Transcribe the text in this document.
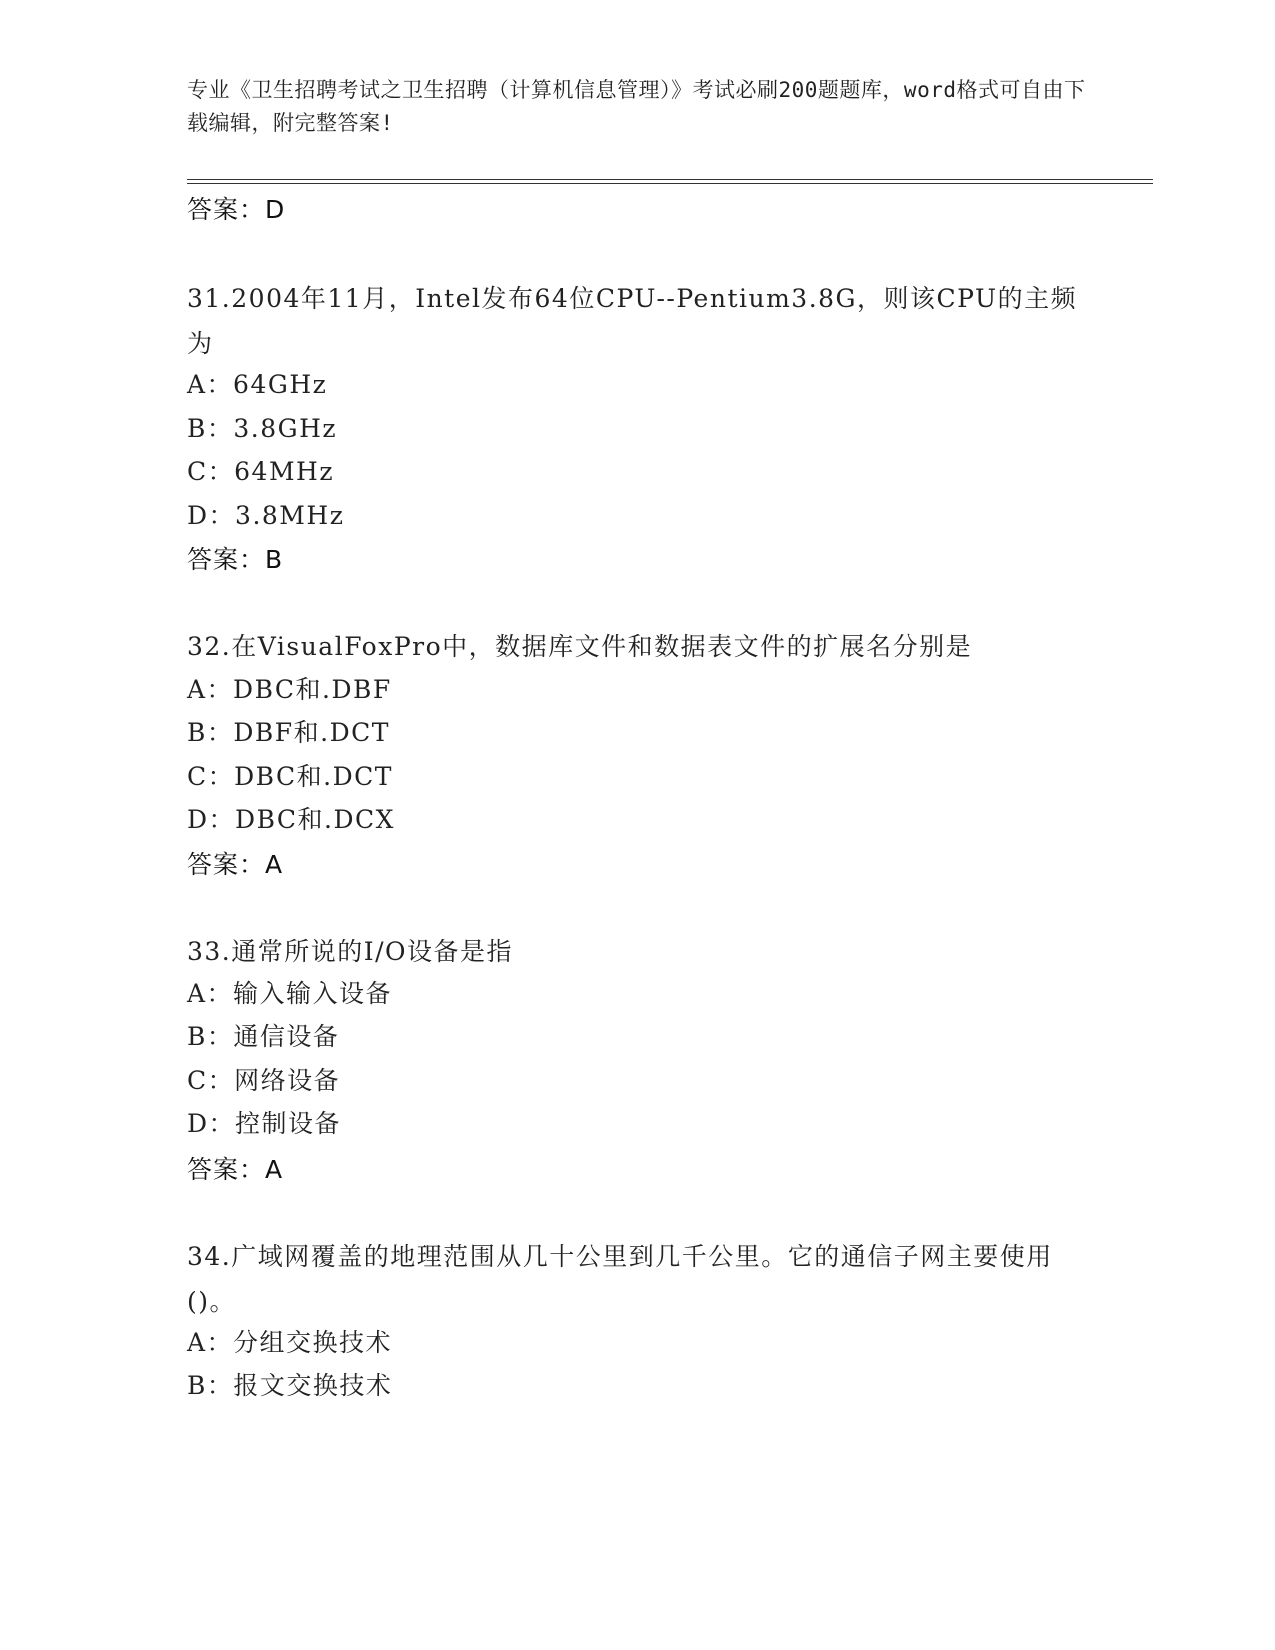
专业《卫生招聘考试之卫生招聘（计算机信息管理）》考试必刷200题题库，word格式可自由下载编辑，附完整答案!
答案：D
31.2004年11月，Intel发布64位CPU--Pentium3.8G，则该CPU的主频为
A：64GHz
B：3.8GHz
C：64MHz
D：3.8MHz
答案：B
32.在VisualFoxPro中，数据库文件和数据表文件的扩展名分别是
A：DBC和.DBF
B：DBF和.DCT
C：DBC和.DCT
D：DBC和.DCX
答案：A
33.通常所说的I/O设备是指
A：输入输入设备
B：通信设备
C：网络设备
D：控制设备
答案：A
34.广域网覆盖的地理范围从几十公里到几千公里。它的通信子网主要使用()。
A：分组交换技术
B：报文交换技术
